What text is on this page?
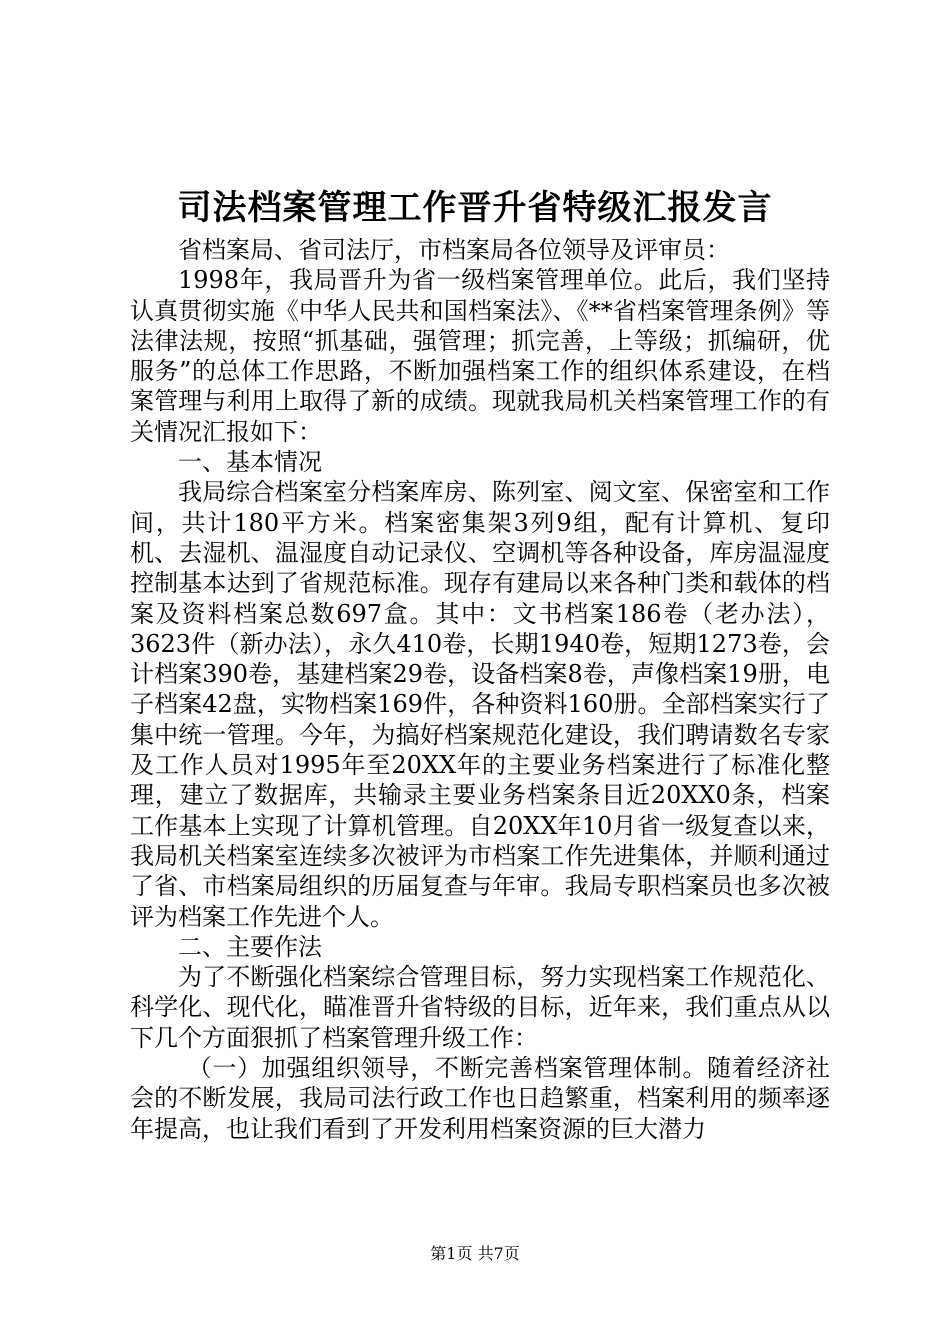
司法档案管理工作晋升省特级汇报发言

省档案局、省司法厅，市档案局各位领导及评审员：

1998年，我局晋升为省一级档案管理单位。此后，我们坚持认真贯彻实施《中华人民共和国档案法》、《**省档案管理条例》等法律法规，按照“抓基础，强管理；抓完善，上等级；抓编研，优服务”的总体工作思路，不断加强档案工作的组织体系建设，在档案管理与利用上取得了新的成绩。现就我局机关档案管理工作的有关情况汇报如下：

一、基本情况

我局综合档案室分档案库房、陈列室、阅文室、保密室和工作间，共计180平方米。档案密集架3列9组，配有计算机、复印机、去湿机、温湿度自动记录仪、空调机等各种设备，库房温湿度控制基本达到了省规范标准。现存有建局以来各种门类和载体的档案及资料档案总数697盒。其中：文书档案186卷（老办法），3623件（新办法），永久410卷，长期1940卷，短期1273卷，会计档案390卷，基建档案29卷，设备档案8卷，声像档案19册，电子档案42盘，实物档案169件，各种资料160册。全部档案实行了集中统一管理。今年，为搞好档案规范化建设，我们聘请数名专家及工作人员对1995年至20XX年的主要业务档案进行了标准化整理，建立了数据库，共输录主要业务档案条目近20XX0条，档案工作基本上实现了计算机管理。自20XX年10月省一级复查以来，我局机关档案室连续多次被评为市档案工作先进集体，并顺利通过了省、市档案局组织的历届复查与年审。我局专职档案员也多次被评为档案工作先进个人。

二、主要作法

为了不断强化档案综合管理目标，努力实现档案工作规范化、科学化、现代化，瞄准晋升省特级的目标，近年来，我们重点从以下几个方面狠抓了档案管理升级工作：

（一）加强组织领导，不断完善档案管理体制。随着经济社会的不断发展，我局司法行政工作也日趋繁重，档案利用的频率逐年提高，也让我们看到了开发利用档案资源的巨大潜力

第1页 共7页
